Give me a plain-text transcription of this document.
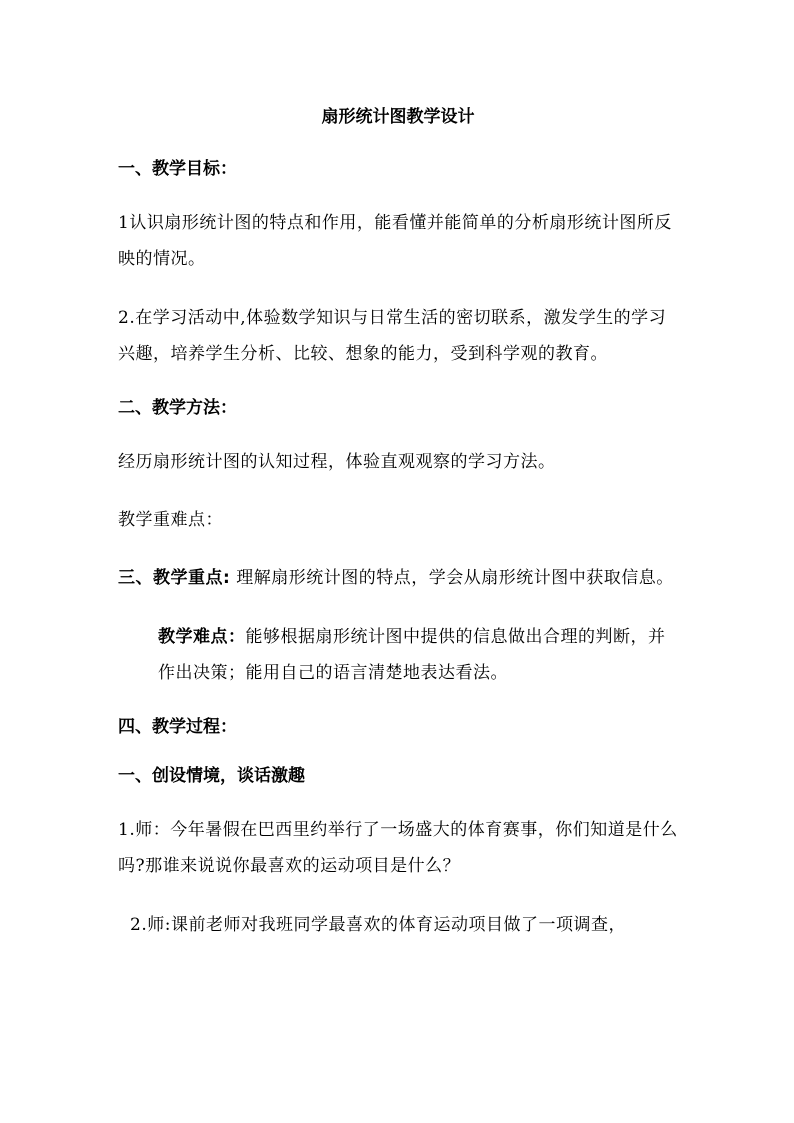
扇形统计图教学设计
一、教学目标：

1认识扇形统计图的特点和作用，能看懂并能简单的分析扇形统计图所反映的情况。

2.在学习活动中,体验数学知识与日常生活的密切联系，激发学生的学习兴趣，培养学生分析、比较、想象的能力，受到科学观的教育。

二、教学方法：

经历扇形统计图的认知过程，体验直观观察的学习方法。

教学重难点：

三、教学重点: 理解扇形统计图的特点，学会从扇形统计图中获取信息。

教学难点：能够根据扇形统计图中提供的信息做出合理的判断，并作出决策；能用自己的语言清楚地表达看法。

四、教学过程：
一、创设情境，谈话激趣

1.师：今年暑假在巴西里约举行了一场盛大的体育赛事，你们知道是什么吗?那谁来说说你最喜欢的运动项目是什么？

2.师:课前老师对我班同学最喜欢的体育运动项目做了一项调查，
